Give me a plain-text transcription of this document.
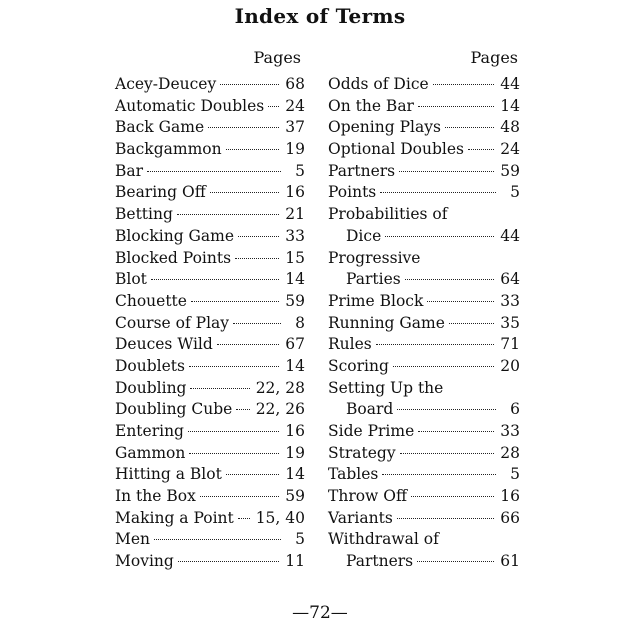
Index of Terms
Pages
Acey-Deucey	68
Automatic Doubles 24
Back Game	37
Backgammon	19
Bar	5
Bearing Off	16
Betting	21
Blocking Game	33
Blocked Points	15
Blot	14
Chouette	59
Course of Play	8
Deuces Wild	67
Doublets	14
Doubling	22, 28
Doubling Cube 22, 26
Entering	16
Gammon	19
Hitting a Blot	14
In the Box	59
Making a Point 15, 40
Men	5
Moving	11
Pages
Odds of Dice	44
On the Bar	14
Opening Plays	48
Optional Doubles 24
Partners	59
Points	5
Probabilities of
Dice	44
Progressive
Parties	64
Prime Block	33
Running Game	35
Rules	71
Scoring	20
Setting Up the
Board	6
Side Prime	33
Strategy	28
Tables	5
Throw Off	16
Variants	66
Withdrawal of
Partners	61
—72—
